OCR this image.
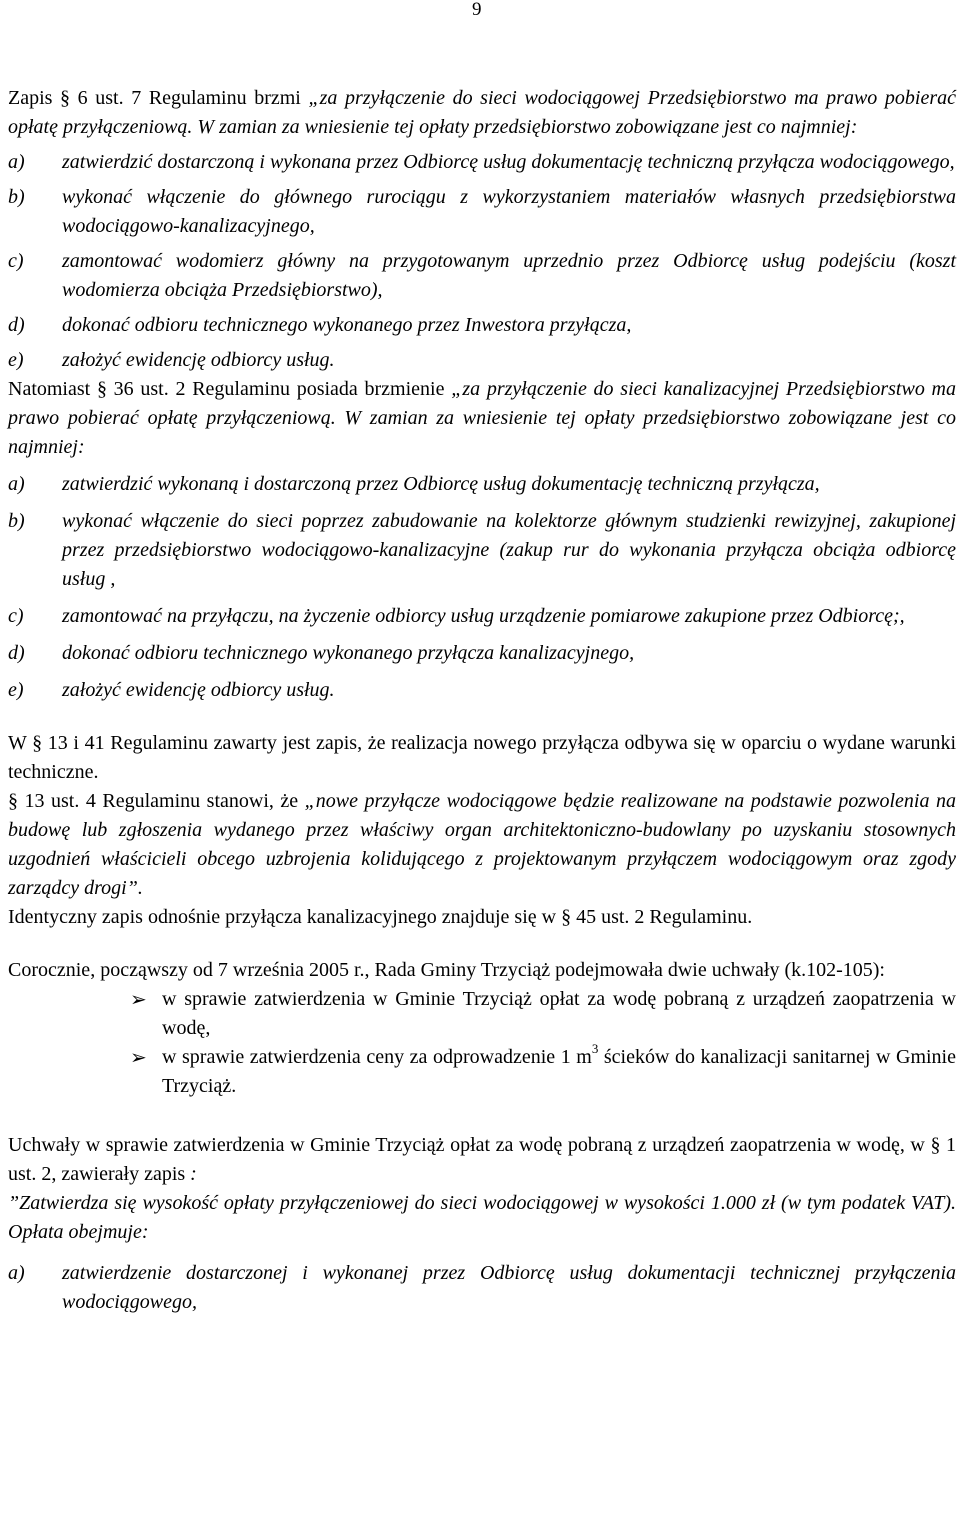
9

Zapis § 6 ust. 7 Regulaminu brzmi „za przyłączenie do sieci wodociągowej Przedsiębiorstwo ma prawo pobierać opłatę przyłączeniową. W zamian za wniesienie tej opłaty przedsiębiorstwo zobowiązane jest co najmniej:

a) zatwierdzić dostarczoną i wykonana przez Odbiorcę usług dokumentację techniczną przyłącza wodociągowego,

b) wykonać włączenie do głównego rurociągu z wykorzystaniem materiałów własnych przedsiębiorstwa wodociągowo-kanalizacyjnego,

c) zamontować wodomierz główny na przygotowanym uprzednio przez Odbiorcę usług podejściu (koszt wodomierza obciąża Przedsiębiorstwo),

d) dokonać odbioru technicznego wykonanego przez Inwestora przyłącza,

e) założyć ewidencję odbiorcy usług.

Natomiast § 36 ust. 2 Regulaminu posiada brzmienie „za przyłączenie do sieci kanalizacyjnej Przedsiębiorstwo ma prawo pobierać opłatę przyłączeniową. W zamian za wniesienie tej opłaty przedsiębiorstwo zobowiązane jest co najmniej:

a) zatwierdzić wykonaną i dostarczoną przez Odbiorcę usług dokumentację techniczną przyłącza,

b) wykonać włączenie do sieci poprzez zabudowanie na kolektorze głównym studzienki rewizyjnej, zakupionej przez przedsiębiorstwo wodociągowo-kanalizacyjne (zakup rur do wykonania przyłącza obciąża odbiorcę usług ,

c) zamontować na przyłączu, na życzenie odbiorcy usług urządzenie pomiarowe zakupione przez Odbiorcę;,

d) dokonać odbioru technicznego wykonanego przyłącza kanalizacyjnego,

e) założyć ewidencję odbiorcy usług.

W § 13 i 41 Regulaminu zawarty jest zapis, że realizacja nowego przyłącza odbywa się w oparciu o wydane warunki techniczne.

§ 13 ust. 4 Regulaminu stanowi, że „nowe przyłącze wodociągowe będzie realizowane na podstawie pozwolenia na budowę lub zgłoszenia wydanego przez właściwy organ architektoniczno-budowlany po uzyskaniu stosownych uzgodnień właścicieli obcego uzbrojenia kolidującego z projektowanym przyłączem wodociągowym oraz zgody zarządcy drogi”.

Identyczny zapis odnośnie przyłącza kanalizacyjnego znajduje się w § 45 ust. 2 Regulaminu.

Corocznie, począwszy od 7 września 2005 r., Rada Gminy Trzyciąż podejmowała dwie uchwały (k.102-105):

➢ w sprawie zatwierdzenia w Gminie Trzyciąż opłat za wodę pobraną z urządzeń zaopatrzenia w wodę,

➢ w sprawie zatwierdzenia ceny za odprowadzenie 1 $m^3$ ścieków do kanalizacji sanitarnej w Gminie Trzyciąż.

Uchwały w sprawie zatwierdzenia w Gminie Trzyciąż opłat za wodę pobraną z urządzeń zaopatrzenia w wodę, w § 1 ust. 2, zawierały zapis :

”Zatwierdza się wysokość opłaty przyłączeniowej do sieci wodociągowej w wysokości 1.000 zł (w tym podatek VAT). Opłata obejmuje:

a) zatwierdzenie dostarczonej i wykonanej przez Odbiorcę usług dokumentacji technicznej przyłączenia wodociągowego,
